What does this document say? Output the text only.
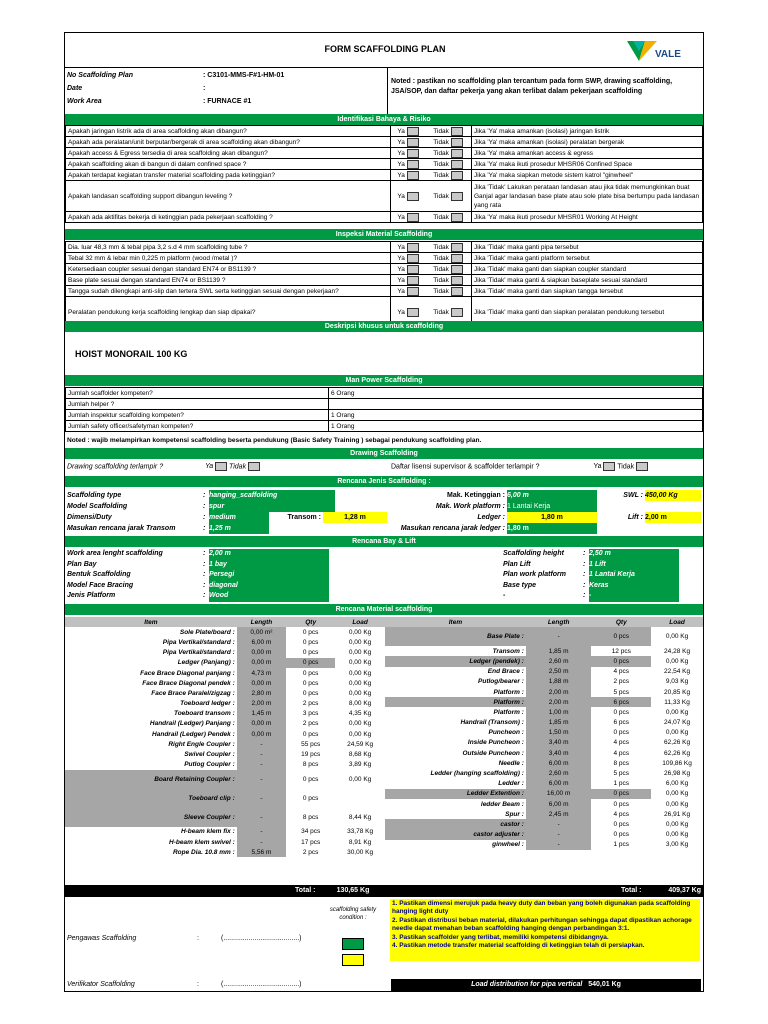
FORM SCAFFOLDING PLAN	VALE
No Scaffolding Plan	: C3101-MMS-F#1-HM-01
Date	:
Work Area	: FURNACE #1
Noted : pastikan no scaffolding plan tercantum pada form SWP, drawing scaffolding, JSA/SOP, dan daftar pekerja yang akan terlibat dalam pekerjaan scaffolding
Identifikasi Bahaya & Risiko
Apakah jaringan listrik ada di area scaffolding akan dibangun?	Ya	Tidak	Jika 'Ya' maka amankan (isolasi) jaringan listrik
Apakah ada peralatan/unit berputar/bergerak di area scaffolding akan dibangun?	Ya	Tidak	Jika 'Ya' maka amankan (isolasi) peralatan bergerak
Apakah access & Egress tersedia di area scaffolding akan dibangun?	Ya	Tidak	Jika 'Ya' maka amankan access & egress
Apakah scaffolding akan di bangun di dalam confined space ?	Ya	Tidak	Jika 'Ya' maka ikuti prosedur MHSR06 Confined Space
Apakah terdapat kegiatan transfer material scaffolding pada ketinggian?	Ya	Tidak	Jika 'Ya' maka siapkan metode sistem katrol "ginwheel"
Apakah landasan scaffolding support dibangun leveling ?	Ya	Tidak	Jika 'Tidak' Lakukan perataan landasan atau jika tidak memungkinkan buat Ganjal agar landasan base plate atau sole plate bisa bertumpu pada landasan yang rata
Apakah ada aktifitas bekerja di ketinggian pada pekerjaan scaffolding ?	Ya	Tidak	Jika 'Ya' maka ikuti prosedur MHSR01 Working At Height
Inspeksi Material Scaffolding
Dia. luar 48,3 mm & tebal pipa 3,2 s.d 4 mm scaffolding tube ?	Ya	Tidak	Jika 'Tidak' maka ganti pipa tersebut
Tebal 32 mm & lebar min 0,225 m platform (wood /metal )?	Ya	Tidak	Jika 'Tidak' maka ganti platform tersebut
Ketersediaan coupler sesuai dengan standard EN74 or BS1139 ?	Ya	Tidak	Jika 'Tidak' maka ganti dan siapkan coupler standard
Base plate sesuai dengan standard EN74 or BS1139 ?	Ya	Tidak	Jika 'Tidak' maka ganti & siapkan baseplate sesuai standard
Tangga sudah dilengkapi anti-slip dan tertera SWL serta ketinggian sesuai dengan pekerjaan?	Ya	Tidak	Jika 'Tidak' maka ganti dan siapkan tangga tersebut
Peralatan pendukung kerja scaffolding lengkap dan siap dipakai?	Ya	Tidak	Jika 'Tidak' maka ganti dan siapkan peralatan pendukung tersebut
Deskripsi khusus untuk scaffolding
HOIST MONORAIL 100 KG
Man Power Scaffolding
Jumlah scaffolder kompeten?	6 Orang
Jumlah helper ?	
Jumlah inspektur scaffolding kompeten?	1 Orang
Jumlah safety officer/safetyman kompeten?	1 Orang
Noted : wajib melampirkan kompetensi scaffolding beserta pendukung (Basic Safety Training ) sebagai pendukung scaffolding plan.
Drawing Scaffolding
Drawing scaffolding terlampir ?	Ya Tidak	Daftar lisensi supervisor & scaffolder terlampir ?	Ya Tidak
Rencana Jenis Scaffolding :
Scaffolding type	: hanging_scaffolding	Mak. Ketinggian : 6,00 m	SWL : 450,00 Kg
Model Scaffolding	: spur	Mak. Work platform : 1 Lantai Kerja
Dimensi/Duty	: medium	Transom :	1,28 m	Ledger :	1,80 m	Lift : 2,00 m
Masukan rencana jarak Transom	: 1,25 m	Masukan rencana jarak ledger : 1,80 m
Rencana Bay & Lift
Work area lenght scaffolding	: 2,00 m
Plan Bay	: 1 bay
Bentuk Scaffolding	: Persegi
Model Face Bracing	: diagonal
Jenis Platform	: Wood
Scaffolding height	: 2,50 m
Plan Lift	: 1 Lift
Plan work platform : 1 Lantai Kerja
Base type	: Keras
-	: -
Rencana Material scaffolding
Item	Length	Qty	Load
Sole Plate/board :	0,00 m²	0 pcs	0,00 Kg
Pipa Vertikal/standard :	6,00 m	0 pcs	0,00 Kg
Pipa Vertikal/standard :	0,00 m	0 pcs	0,00 Kg
Ledger (Panjang) :	0,00 m	0 pcs	0,00 Kg
Face Brace Diagonal panjang :	4,73 m	0 pcs	0,00 Kg
Face Brace Diagonal pendek :	0,00 m	0 pcs	0,00 Kg
Face Brace Paralel/zigzag :	2,80 m	0 pcs	0,00 Kg
Toeboard ledger :	2,00 m	2 pcs	8,00 Kg
Toeboard transom :	1,45 m	3 pcs	4,35 Kg
Handrail (Ledger) Panjang :	0,00 m	2 pcs	0,00 Kg
Handrail (Ledger) Pendek :	0,00 m	0 pcs	0,00 Kg
Right Engle Coupler :	-	55 pcs	24,59 Kg
Swivel Coupler :	-	19 pcs	8,68 Kg
Putlog Coupler :	-	8 pcs	3,89 Kg
Board Retaining Coupler :	-	0 pcs	0,00 Kg
Toeboard clip :	-	0 pcs	
Sleeve Coupler :	-	8 pcs	8,44 Kg
H-beam klem fix :	-	34 pcs	33,78 Kg
H-beam klem swivel :	-	17 pcs	8,91 Kg
Rope Dia. 10.8 mm :	5,56 m	2 pcs	30,00 Kg
Item	Length	Qty	Load
Base Plate :	-	0 pcs	0,00 Kg
Transom :	1,85 m	12 pcs	24,28 Kg
Ledger (pendek) :	2,60 m	0 pcs	0,00 Kg
End Brace :	2,50 m	4 pcs	22,54 Kg
Putlog/bearer :	1,88 m	2 pcs	9,03 Kg
Platform :	2,00 m	5 pcs	20,85 Kg
Platform :	2,00 m	6 pcs	11,33 Kg
Platform :	1,00 m	0 pcs	0,00 Kg
Handrail (Transom) :	1,85 m	6 pcs	24,07 Kg
Puncheon :	1,50 m	0 pcs	0,00 Kg
Inside Puncheon :	3,40 m	4 pcs	62,26 Kg
Outside Puncheon :	3,40 m	4 pcs	62,26 Kg
Needle :	6,00 m	8 pcs	109,86 Kg
Ledder (hanging scaffolding) :	2,60 m	5 pcs	26,98 Kg
Ledder :	6,00 m	1 pcs	6,00 Kg
Ledder Extention :	16,00 m	0 pcs	0,00 Kg
ledder Beam :	6,00 m	0 pcs	0,00 Kg
Spur :	2,45 m	4 pcs	26,91 Kg
castor :	-	0 pcs	0,00 Kg
castor adjuster :	-	0 pcs	0,00 Kg
ginwheel :	-	1 pcs	3,00 Kg
Total :	130,65 Kg	Total :	409,37 Kg
Pengawas Scaffolding	:	(.......................................)
Verifikator Scaffolding	:	(.......................................)
scaffolding safety condition :
1. Pastikan dimensi merujuk pada heavy duty dan beban yang boleh digunakan pada scaffolding hanging light duty
2. Pastikan distribusi beban material, dilakukan perhitungan sehingga dapat dipastikan achorage needle dapat menahan beban scaffolding hanging dengan perbandingan 3:1.
3. Pastikan scaffolder yang terlibat, memiliki kompetensi dibidangnya.
4. Pastikan metode transfer material scaffolding di ketinggian telah di persiapkan.
Load distribution for pipa vertical 540,01 Kg
